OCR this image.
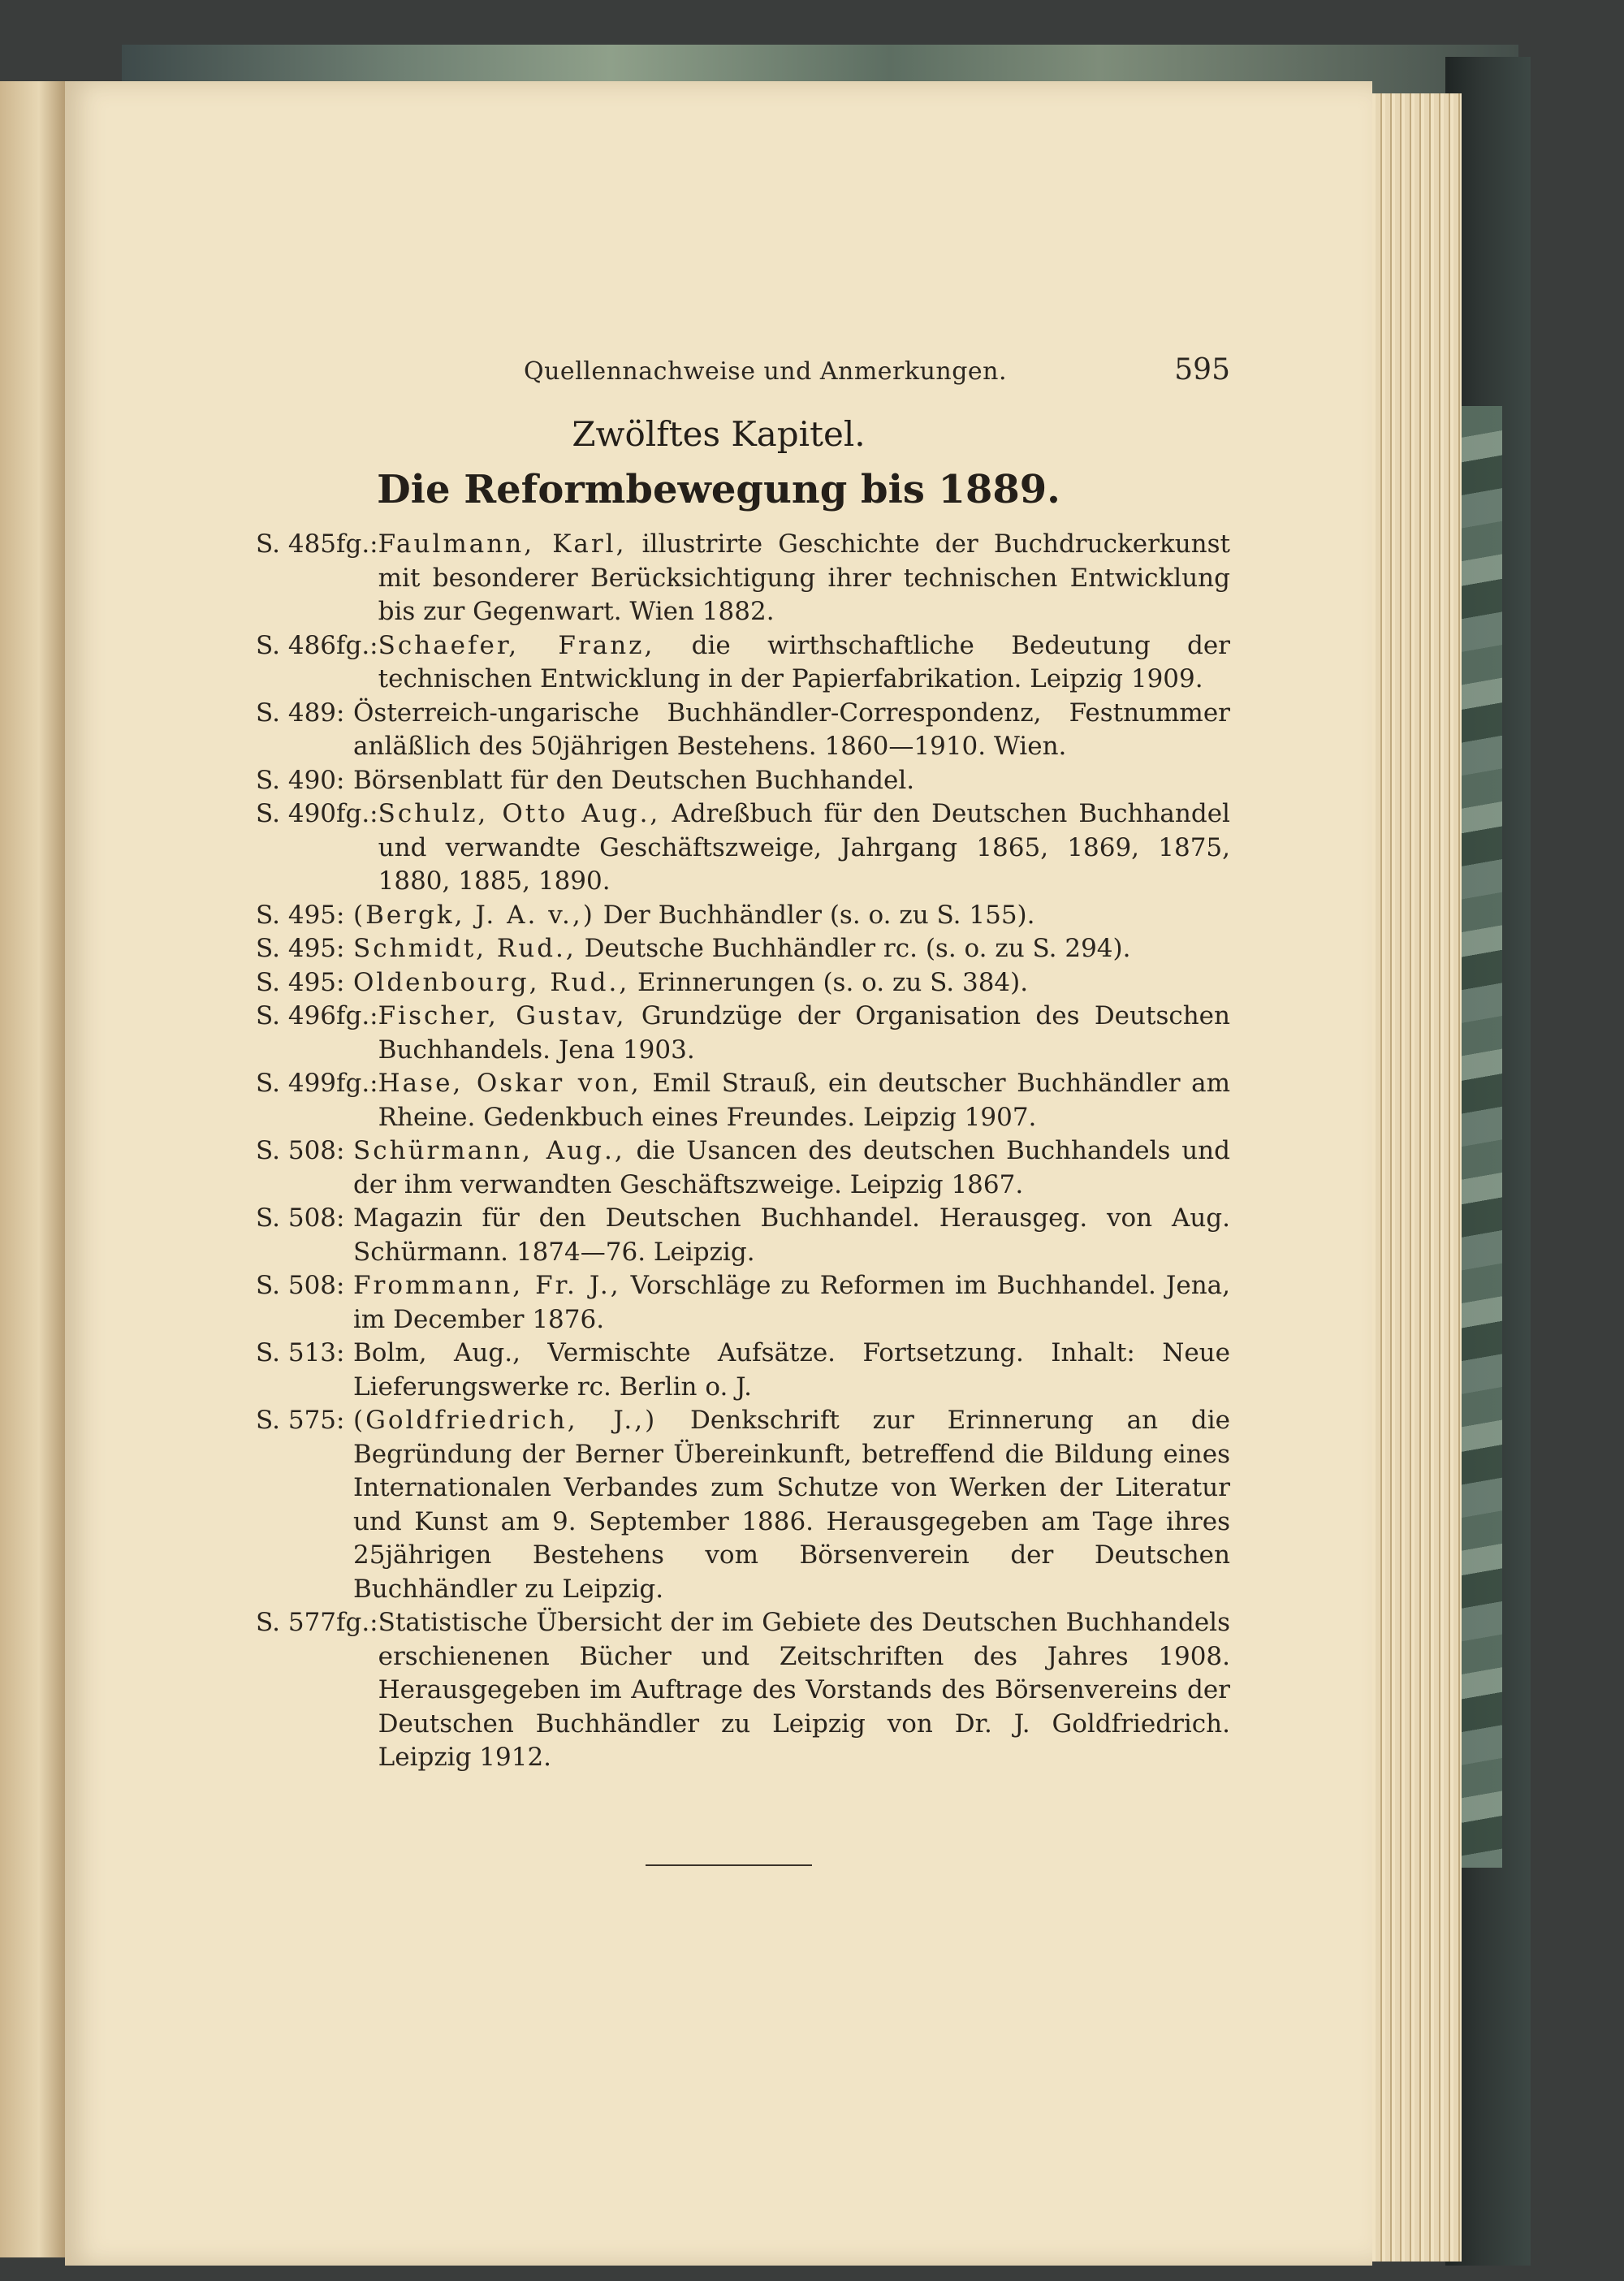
Quellennachweise und Anmerkungen.	595
Zwölftes Kapitel.
Die Reformbewegung bis 1889.
S. 485fg.: Faulmann, Karl, illustrirte Geschichte der Buchdruckerkunst mit besonderer Berücksichtigung ihrer technischen Entwicklung bis zur Gegenwart. Wien 1882.
S. 486fg.: Schaefer, Franz, die wirthschaftliche Bedeutung der technischen Entwicklung in der Papierfabrikation. Leipzig 1909.
S. 489: Österreich-ungarische Buchhändler-Correspondenz, Festnummer anläßlich des 50jährigen Bestehens. 1860—1910. Wien.
S. 490: Börsenblatt für den Deutschen Buchhandel.
S. 490fg.: Schulz, Otto Aug., Adreßbuch für den Deutschen Buchhandel und verwandte Geschäftszweige, Jahrgang 1865, 1869, 1875, 1880, 1885, 1890.
S. 495: (Bergk, J. A. v.,) Der Buchhändler (s. o. zu S. 155).
S. 495: Schmidt, Rud., Deutsche Buchhändler rc. (s. o. zu S. 294).
S. 495: Oldenbourg, Rud., Erinnerungen (s. o. zu S. 384).
S. 496fg.: Fischer, Gustav, Grundzüge der Organisation des Deutschen Buchhandels. Jena 1903.
S. 499fg.: Hase, Oskar von, Emil Strauß, ein deutscher Buchhändler am Rheine. Gedenkbuch eines Freundes. Leipzig 1907.
S. 508: Schürmann, Aug., die Usancen des deutschen Buchhandels und der ihm verwandten Geschäftszweige. Leipzig 1867.
S. 508: Magazin für den Deutschen Buchhandel. Herausgeg. von Aug. Schürmann. 1874—76. Leipzig.
S. 508: Frommann, Fr. J., Vorschläge zu Reformen im Buchhandel. Jena, im December 1876.
S. 513: Bolm, Aug., Vermischte Aufsätze. Fortsetzung. Inhalt: Neue Lieferungswerke rc. Berlin o. J.
S. 575: (Goldfriedrich, J.,) Denkschrift zur Erinnerung an die Begründung der Berner Übereinkunft, betreffend die Bildung eines Internationalen Verbandes zum Schutze von Werken der Literatur und Kunst am 9. September 1886. Herausgegeben am Tage ihres 25jährigen Bestehens vom Börsenverein der Deutschen Buchhändler zu Leipzig.
S. 577fg.: Statistische Übersicht der im Gebiete des Deutschen Buchhandels erschienenen Bücher und Zeitschriften des Jahres 1908. Herausgegeben im Auftrage des Vorstands des Börsenvereins der Deutschen Buchhändler zu Leipzig von Dr. J. Goldfriedrich. Leipzig 1912.
